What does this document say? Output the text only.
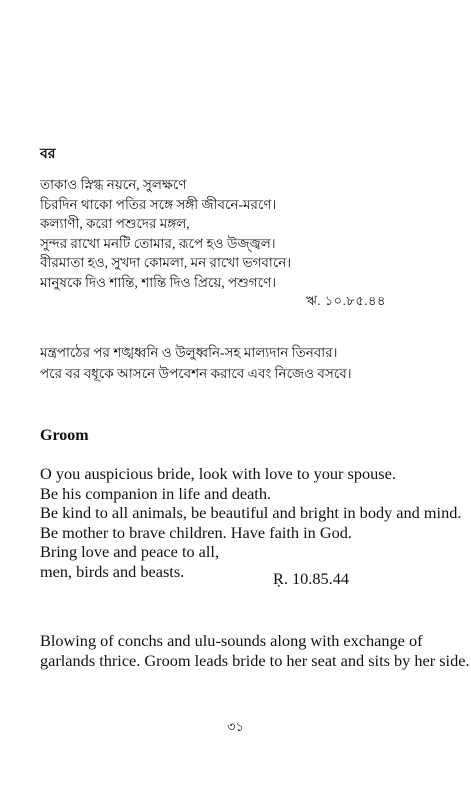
বর
তাকাও স্নিগ্ধ নয়নে, সুলক্ষণে
চিরদিন থাকো পতির সঙ্গে সঙ্গী জীবনে-মরণে।
কল্যাণী, করো পশুদের মঙ্গল,
সুন্দর রাখো মনটি তোমার, রূপে হও উজ্জ্বল।
বীরমাতা হও, সুখদা কোমলা, মন রাখো ভগবানে।
মানুষকে দিও শান্তি, শান্তি দিও প্রিয়ে, পশুগণে।
ঋ. ১০.৮৫.৪৪
মন্ত্রপাঠের পর শঙ্খধ্বনি ও উলুধ্বনি-সহ মাল্যদান তিনবার।
পরে বর বধূকে আসনে উপবেশন করাবে এবং নিজেও বসবে।
Groom
O you auspicious bride, look with love to your spouse.
Be his companion in life and death.
Be kind to all animals, be beautiful and bright in body and mind.
Be mother to brave children. Have faith in God.
Bring love and peace to all,
men, birds and beasts.	Ṛ. 10.85.44
Blowing of conchs and ulu-sounds along with exchange of
garlands thrice. Groom leads bride to her seat and sits by her side.
৩১
